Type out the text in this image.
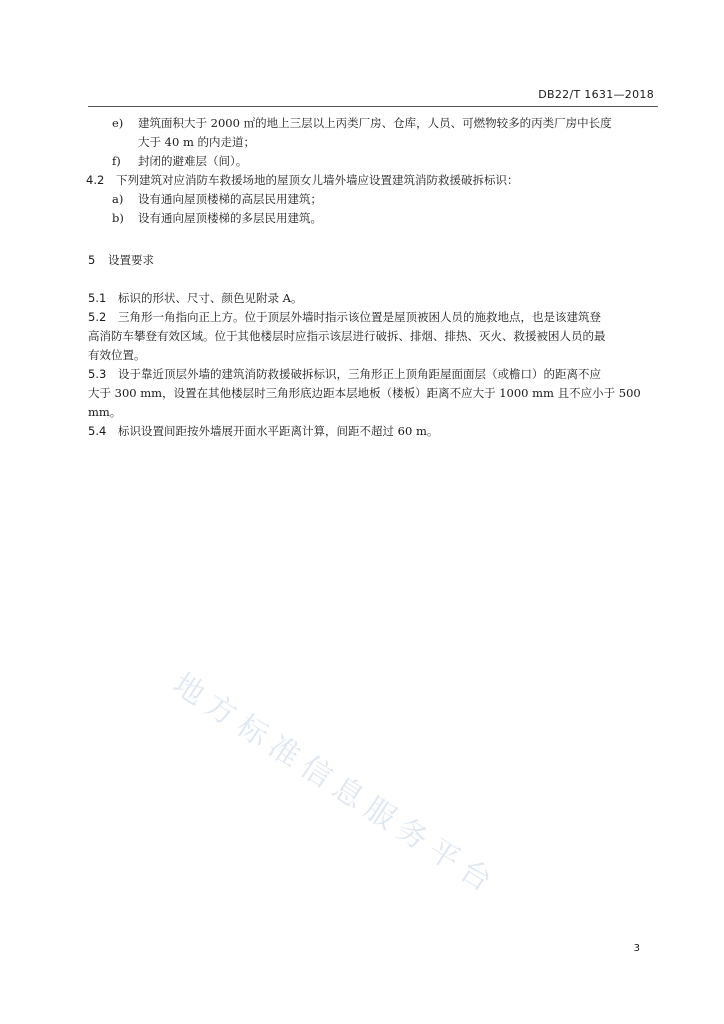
DB22/T 1631—2018
e) 建筑面积大于 2000 ㎡的地上三层以上丙类厂房、仓库，人员、可燃物较多的丙类厂房中长度
大于 40 m 的内走道；
f) 封闭的避难层（间）。
4.2 下列建筑对应消防车救援场地的屋顶女儿墙外墙应设置建筑消防救援破拆标识：
a) 设有通向屋顶楼梯的高层民用建筑；
b) 设有通向屋顶楼梯的多层民用建筑。
5 设置要求
5.1 标识的形状、尺寸、颜色见附录 A。
5.2 三角形一角指向正上方。位于顶层外墙时指示该位置是屋顶被困人员的施救地点，也是该建筑登
高消防车攀登有效区域。位于其他楼层时应指示该层进行破拆、排烟、排热、灭火、救援被困人员的最
有效位置。
5.3 设于靠近顶层外墙的建筑消防救援破拆标识，三角形正上顶角距屋面面层（或檐口）的距离不应
大于 300 mm，设置在其他楼层时三角形底边距本层地板（楼板）距离不应大于 1000 mm 且不应小于 500
mm。
5.4 标识设置间距按外墙展开面水平距离计算，间距不超过 60 m。
地方标准信息服务平台
3
